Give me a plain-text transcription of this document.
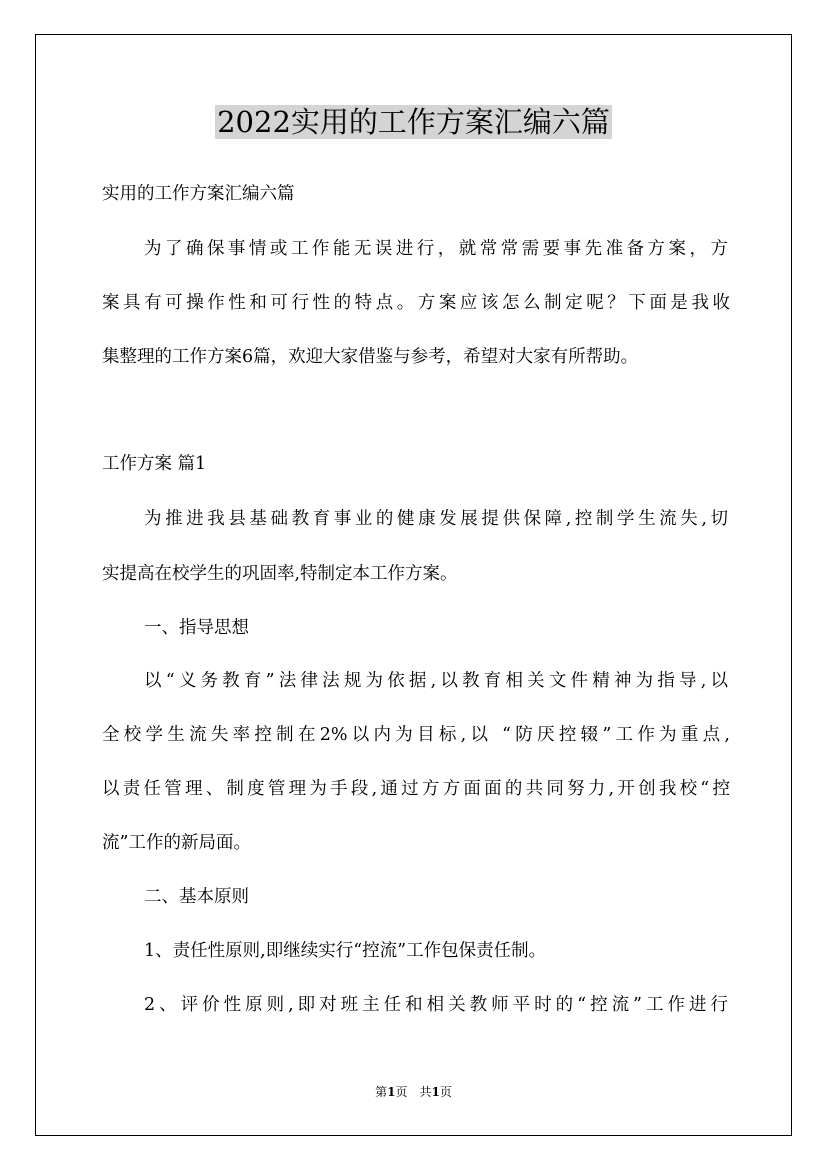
2022实用的工作方案汇编六篇

实用的工作方案汇编六篇

为了确保事情或工作能无误进行，就常常需要事先准备方案，方

案具有可操作性和可行性的特点。方案应该怎么制定呢？下面是我收

集整理的工作方案6篇，欢迎大家借鉴与参考，希望对大家有所帮助。

工作方案 篇1

为推进我县基础教育事业的健康发展提供保障,控制学生流失,切

实提高在校学生的巩固率,特制定本工作方案。

一、指导思想

以“义务教育”法律法规为依据,以教育相关文件精神为指导,以

全校学生流失率控制在2%以内为目标,以 “防厌控辍”工作为重点,

以责任管理、制度管理为手段,通过方方面面的共同努力,开创我校“控

流”工作的新局面。

二、基本原则

1、责任性原则,即继续实行“控流”工作包保责任制。

2、评价性原则,即对班主任和相关教师平时的“控流”工作进行

第1页　共1页
